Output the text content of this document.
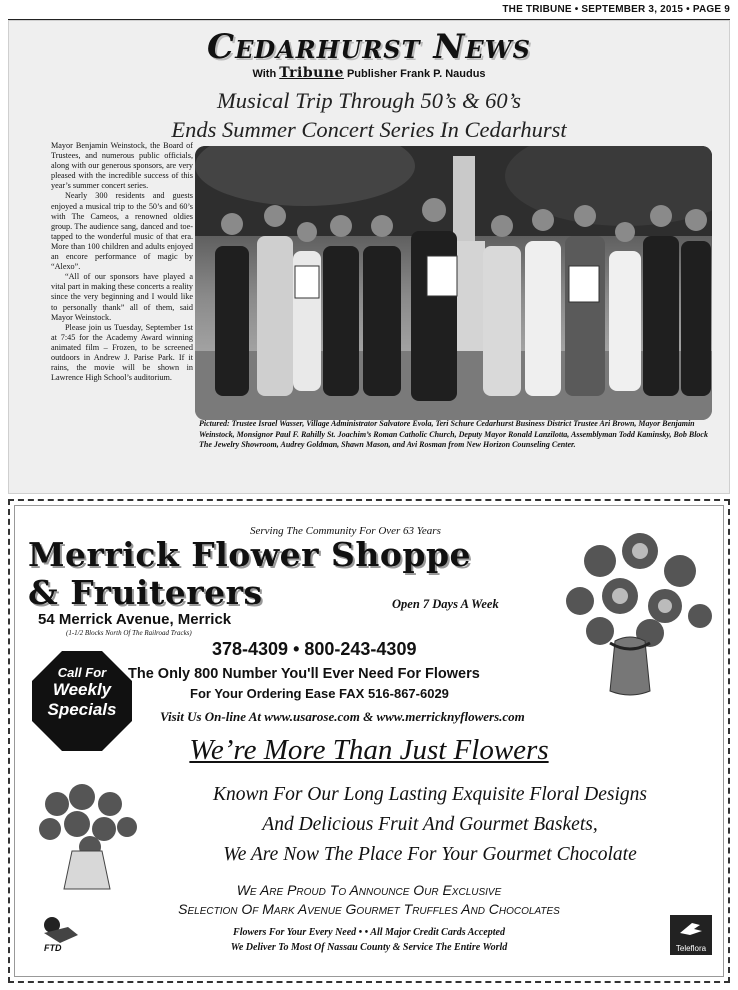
THE TRIBUNE • SEPTEMBER 3, 2015 • PAGE 9
Cedarhurst News
With Tribune Publisher Frank P. Naudus
Musical Trip Through 50’s & 60’s
Ends Summer Concert Series In Cedarhurst

Mayor Benjamin Weinstock, the Board of Trustees, and numerous public officials, along with our generous sponsors, are very pleased with the incredible success of this year’s summer concert series.

Nearly 300 residents and guests enjoyed a musical trip to the 50’s and 60’s with The Cameos, a renowned oldies group. The audience sang, danced and toe-tapped to the wonderful music of that era. More than 100 children and adults enjoyed an encore performance of magic by “Alexo”.

“All of our sponsors have played a vital part in making these concerts a reality since the very beginning and I would like to personally thank” all of them, said Mayor Weinstock.

Please join us Tuesday, September 1st at 7:45 for the Academy Award winning animated film – Frozen, to be screened outdoors in Andrew J. Parise Park. If it rains, the movie will be shown in Lawrence High School’s auditorium.

Pictured: Trustee Israel Wasser, Village Administrator Salvatore Evola, Teri Schure Cedarhurst Business District Trustee Ari Brown, Mayor Benjamin Weinstock, Monsignor Paul F. Rahilly St. Joachim’s Roman Catholic Church, Deputy Mayor Ronald Lanzilotta, Assemblyman Todd Kaminsky, Bob Block The Jewelry Showroom, Audrey Goldman, Shawn Mason, and Avi Rosman from New Horizon Counseling Center.
Serving The Community For Over 63 Years
Merrick Flower Shoppe
& Fruiterers
54 Merrick Avenue, Merrick
(1-1/2 Blocks North Of The Railroad Tracks)
Open 7 Days A Week
378-4309 • 800-243-4309
The Only 800 Number You'll Ever Need For Flowers
For Your Ordering Ease FAX 516-867-6029
Visit Us On-line At www.usarose.com & www.merricknyflowers.com
Call For
Weekly
Specials
We’re More Than Just Flowers
Known For Our Long Lasting Exquisite Floral Designs
And Delicious Fruit And Gourmet Baskets,
We Are Now The Place For Your Gourmet Chocolate
We Are Proud To Announce Our Exclusive
Selection Of Mark Avenue Gourmet Truffles And Chocolates
Flowers For Your Every Need • • All Major Credit Cards Accepted
We Deliver To Most Of Nassau County & Service The Entire World
FTD	Teleflora
